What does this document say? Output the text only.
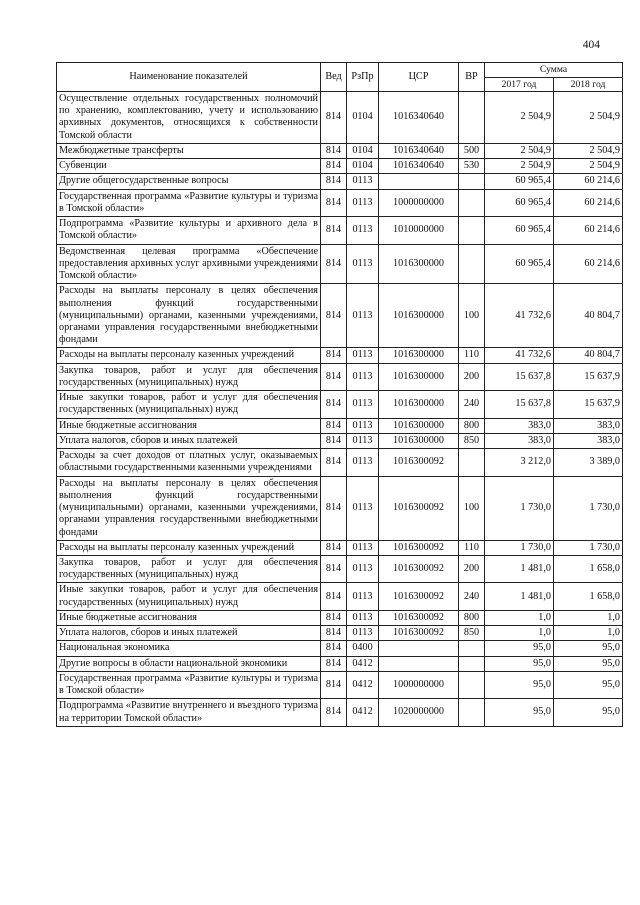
404
Наименование показателей	Вед	РзПр	ЦСР	ВР	Сумма	
					2017 год	2018 год
Осуществление отдельных государственных полномочий по хранению, комплектованию, учету и использованию архивных документов, относящихся к собственности Томской области	814	0104	1016340640		2 504,9	2 504,9
Межбюджетные трансферты	814	0104	1016340640	500	2 504,9	2 504,9
Субвенции	814	0104	1016340640	530	2 504,9	2 504,9
Другие общегосударственные вопросы	814	0113			60 965,4	60 214,6
Государственная программа «Развитие культуры и туризма в Томской области»	814	0113	1000000000		60 965,4	60 214,6
Подпрограмма «Развитие культуры и архивного дела в Томской области»	814	0113	1010000000		60 965,4	60 214,6
Ведомственная целевая программа «Обеспечение предоставления архивных услуг архивными учреждениями Томской области»	814	0113	1016300000		60 965,4	60 214,6
Расходы на выплаты персоналу в целях обеспечения выполнения функций государственными (муниципальными) органами, казенными учреждениями, органами управления государственными внебюджетными фондами	814	0113	1016300000	100	41 732,6	40 804,7
Расходы на выплаты персоналу казенных учреждений	814	0113	1016300000	110	41 732,6	40 804,7
Закупка товаров, работ и услуг для обеспечения государственных (муниципальных) нужд	814	0113	1016300000	200	15 637,8	15 637,9
Иные закупки товаров, работ и услуг для обеспечения государственных (муниципальных) нужд	814	0113	1016300000	240	15 637,8	15 637,9
Иные бюджетные ассигнования	814	0113	1016300000	800	383,0	383,0
Уплата налогов, сборов и иных платежей	814	0113	1016300000	850	383,0	383,0
Расходы за счет доходов от платных услуг, оказываемых областными государственными казенными учреждениями	814	0113	1016300092		3 212,0	3 389,0
Расходы на выплаты персоналу в целях обеспечения выполнения функций государственными (муниципальными) органами, казенными учреждениями, органами управления государственными внебюджетными фондами	814	0113	1016300092	100	1 730,0	1 730,0
Расходы на выплаты персоналу казенных учреждений	814	0113	1016300092	110	1 730,0	1 730,0
Закупка товаров, работ и услуг для обеспечения государственных (муниципальных) нужд	814	0113	1016300092	200	1 481,0	1 658,0
Иные закупки товаров, работ и услуг для обеспечения государственных (муниципальных) нужд	814	0113	1016300092	240	1 481,0	1 658,0
Иные бюджетные ассигнования	814	0113	1016300092	800	1,0	1,0
Уплата налогов, сборов и иных платежей	814	0113	1016300092	850	1,0	1,0
Национальная экономика	814	0400			95,0	95,0
Другие вопросы в области национальной экономики	814	0412			95,0	95,0
Государственная программа «Развитие культуры и туризма в Томской области»	814	0412	1000000000		95,0	95,0
Подпрограмма «Развитие внутреннего и въездного туризма на территории Томской области»	814	0412	1020000000		95,0	95,0
